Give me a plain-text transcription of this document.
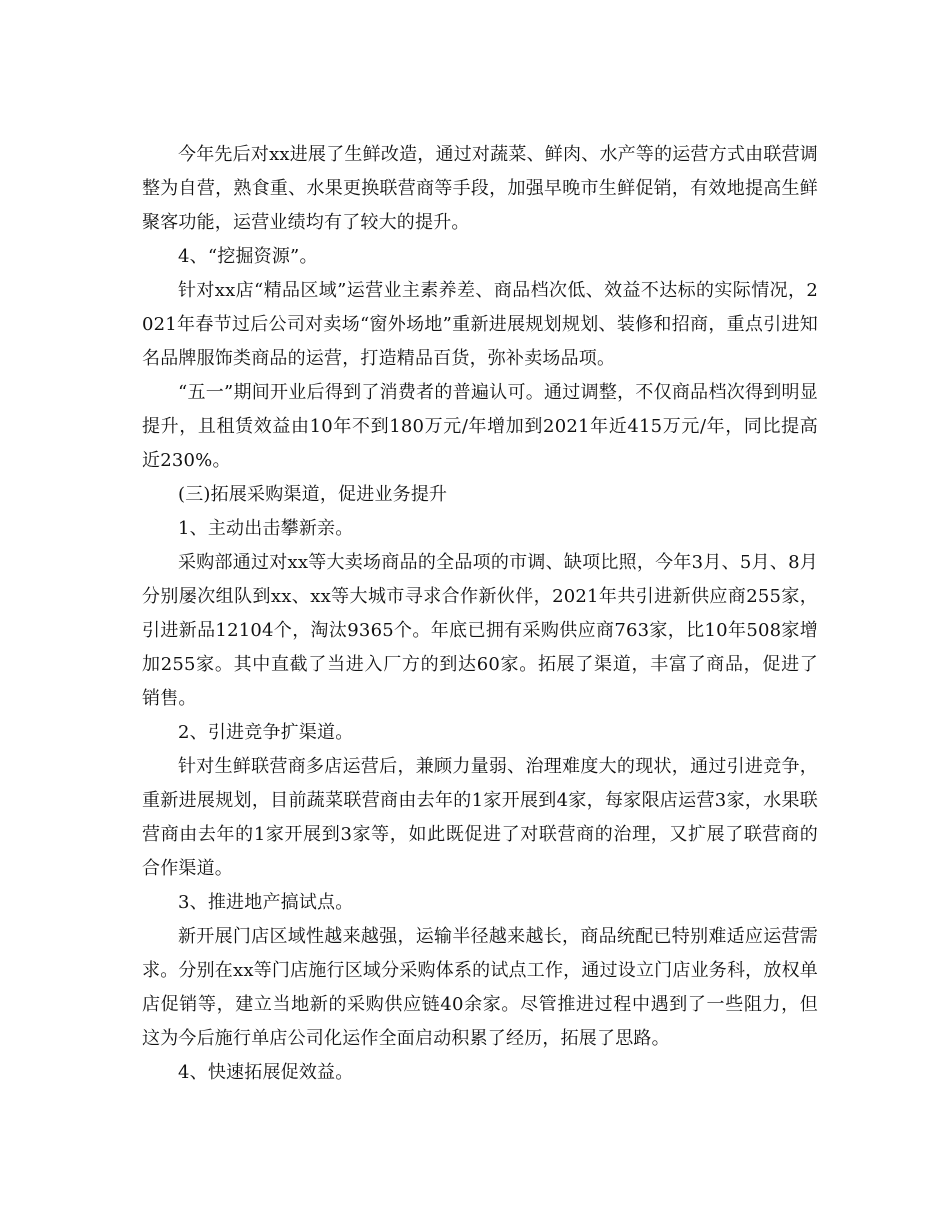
今年先后对xx进展了生鲜改造，通过对蔬菜、鲜肉、水产等的运营方式由联营调整为自营，熟食重、水果更换联营商等手段，加强早晚市生鲜促销，有效地提高生鲜聚客功能，运营业绩均有了较大的提升。

4、“挖掘资源”。

针对xx店“精品区域”运营业主素养差、商品档次低、效益不达标的实际情况，2021年春节过后公司对卖场“窗外场地”重新进展规划规划、装修和招商，重点引进知名品牌服饰类商品的运营，打造精品百货，弥补卖场品项。

“五一”期间开业后得到了消费者的普遍认可。通过调整，不仅商品档次得到明显提升，且租赁效益由10年不到180万元/年增加到2021年近415万元/年，同比提高近230%。

(三)拓展采购渠道，促进业务提升

1、主动出击攀新亲。

采购部通过对xx等大卖场商品的全品项的市调、缺项比照，今年3月、5月、8月分别屡次组队到xx、xx等大城市寻求合作新伙伴，2021年共引进新供应商255家，引进新品12104个，淘汰9365个。年底已拥有采购供应商763家，比10年508家增加255家。其中直截了当进入厂方的到达60家。拓展了渠道，丰富了商品，促进了销售。

2、引进竞争扩渠道。

针对生鲜联营商多店运营后，兼顾力量弱、治理难度大的现状，通过引进竞争，重新进展规划，目前蔬菜联营商由去年的1家开展到4家，每家限店运营3家，水果联营商由去年的1家开展到3家等，如此既促进了对联营商的治理，又扩展了联营商的合作渠道。

3、推进地产搞试点。

新开展门店区域性越来越强，运输半径越来越长，商品统配已特别难适应运营需求。分别在xx等门店施行区域分采购体系的试点工作，通过设立门店业务科，放权单店促销等，建立当地新的采购供应链40余家。尽管推进过程中遇到了一些阻力，但这为今后施行单店公司化运作全面启动积累了经历，拓展了思路。

4、快速拓展促效益。
